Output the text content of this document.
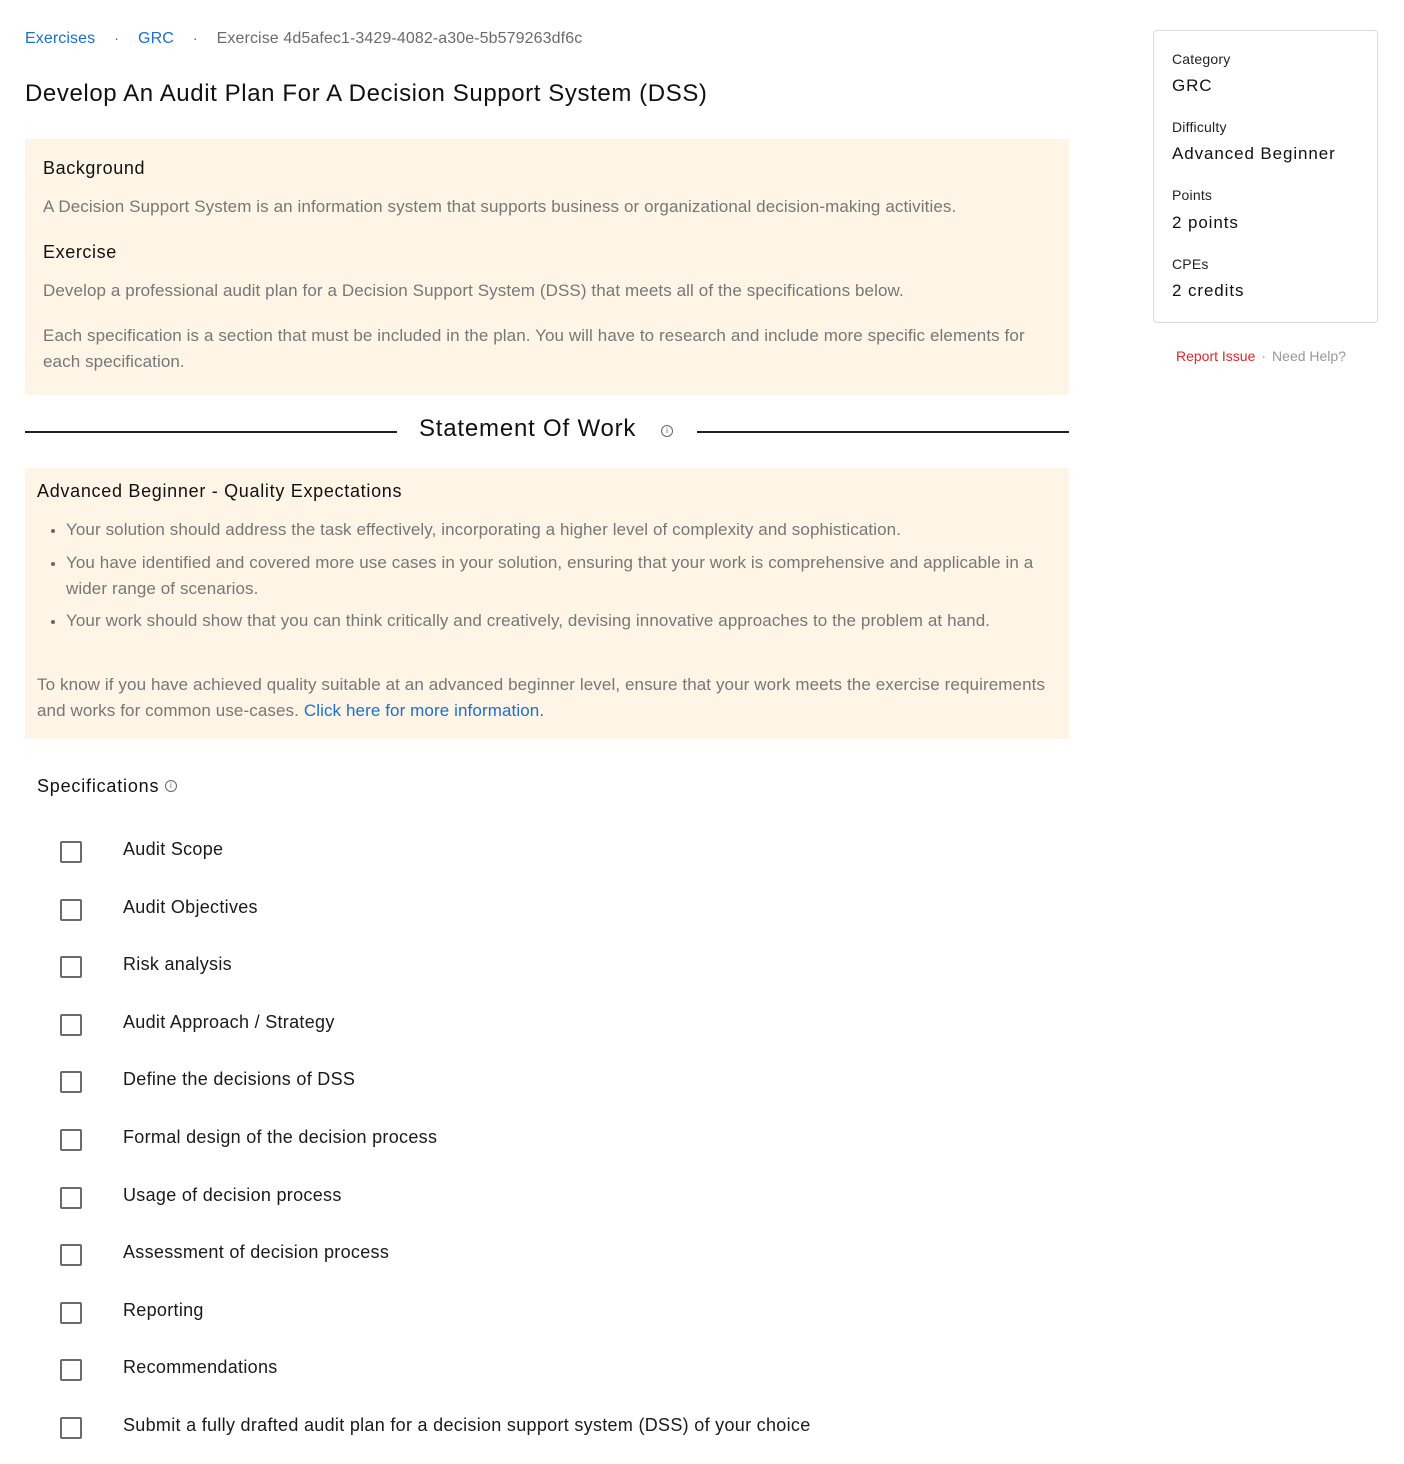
Exercises · GRC · Exercise 4d5afec1-3429-4082-a30e-5b579263df6c
Develop An Audit Plan For A Decision Support System (DSS)
Background

A Decision Support System is an information system that supports business or organizational decision-making activities.

Exercise

Develop a professional audit plan for a Decision Support System (DSS) that meets all of the specifications below.

Each specification is a section that must be included in the plan. You will have to research and include more specific elements for each specification.

Statement Of Work	i
Advanced Beginner - Quality Expectations
• Your solution should address the task effectively, incorporating a higher level of complexity and sophistication.
• You have identified and covered more use cases in your solution, ensuring that your work is comprehensive and applicable in a wider range of scenarios.
• Your work should show that you can think critically and creatively, devising innovative approaches to the problem at hand.

To know if you have achieved quality suitable at an advanced beginner level, ensure that your work meets the exercise requirements and works for common use-cases. Click here for more information.

Specifications i
Audit Scope
Audit Objectives
Risk analysis
Audit Approach / Strategy
Define the decisions of DSS
Formal design of the decision process
Usage of decision process
Assessment of decision process
Reporting
Recommendations
Submit a fully drafted audit plan for a decision support system (DSS) of your choice
Category
GRC
Difficulty
Advanced Beginner
Points
2 points
CPEs
2 credits
Report Issue · Need Help?
